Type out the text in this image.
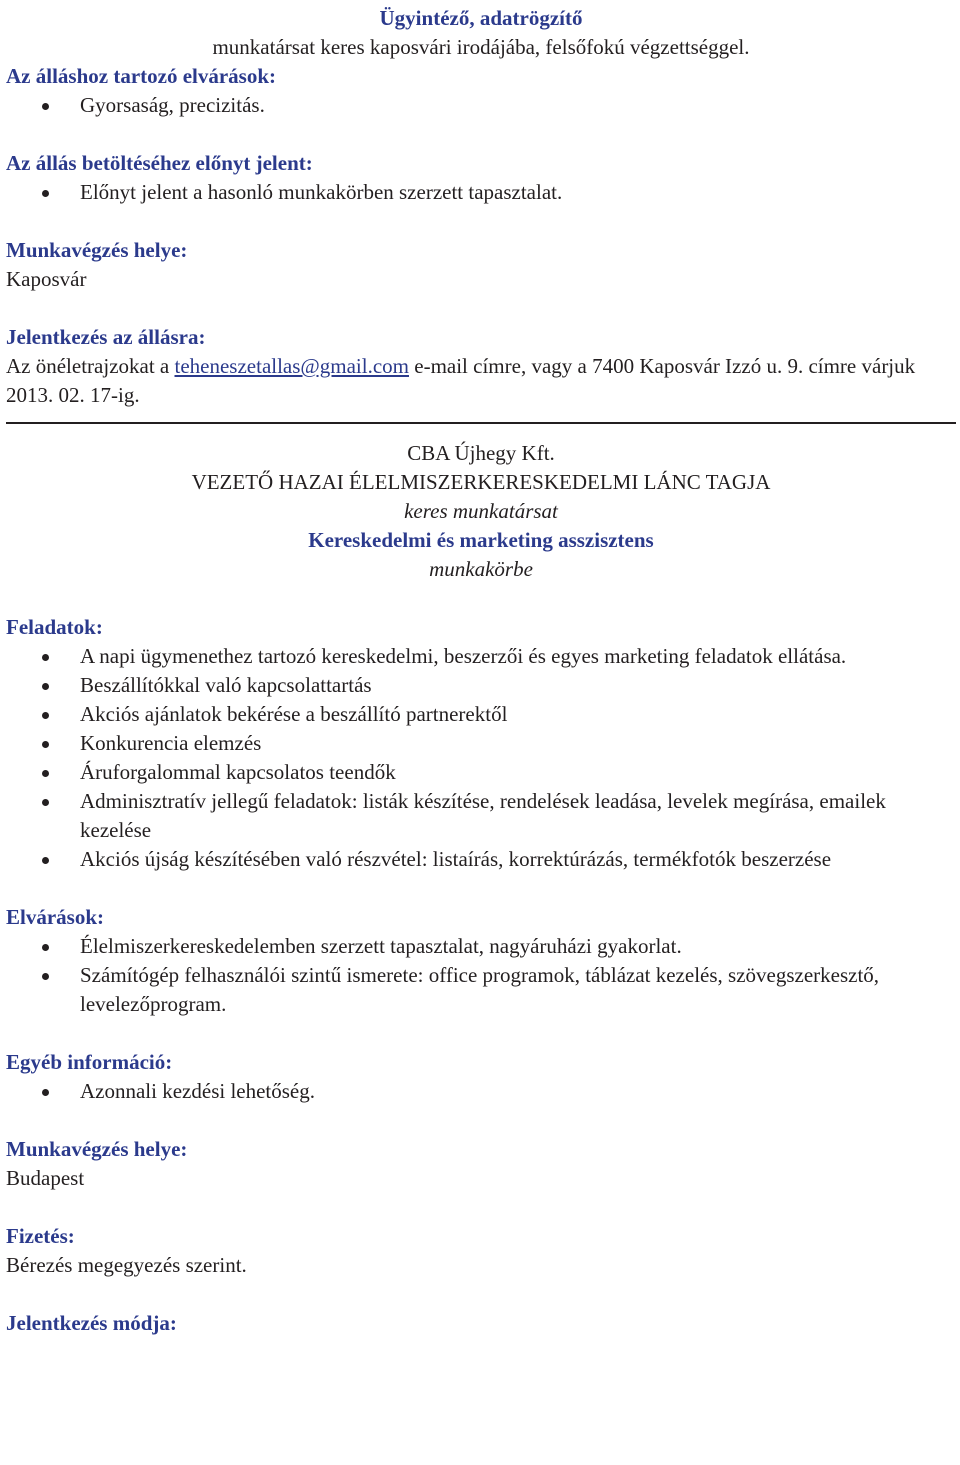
Ügyintéző, adatrögzítő
munkatársat keres kaposvári irodájába, felsőfokú végzettséggel.
Az álláshoz tartozó elvárások:
Gyorsaság, precizitás.
Az állás betöltéséhez előnyt jelent:
Előnyt jelent a hasonló munkakörben szerzett tapasztalat.
Munkavégzés helye:
Kaposvár
Jelentkezés az állásra:
Az önéletrajzokat a teheneszetallas@gmail.com e-mail címre, vagy a 7400 Kaposvár Izzó u. 9. címre várjuk 2013. 02. 17-ig.
CBA Újhegy Kft.
VEZETŐ HAZAI ÉLELMISZERKERESKEDELMI LÁNC TAGJA
keres munkatársat
Kereskedelmi és marketing asszisztens
munkakörbe
Feladatok:
A napi ügymenethez tartozó kereskedelmi, beszerzői és egyes marketing feladatok ellátása.
Beszállítókkal való kapcsolattartás
Akciós ajánlatok bekérése a beszállító partnerektől
Konkurencia elemzés
Áruforgalommal kapcsolatos teendők
Adminisztratív jellegű feladatok: listák készítése, rendelések leadása, levelek megírása, emailek kezelése
Akciós újság készítésében való részvétel: listaírás, korrektúrázás, termékfotók beszerzése
Elvárások:
Élelmiszerkereskedelemben szerzett tapasztalat, nagyáruházi gyakorlat.
Számítógép felhasználói szintű ismerete: office programok, táblázat kezelés, szövegszerkesztő, levelezőprogram.
Egyéb információ:
Azonnali kezdési lehetőség.
Munkavégzés helye:
Budapest
Fizetés:
Bérezés megegyezés szerint.
Jelentkezés módja:
